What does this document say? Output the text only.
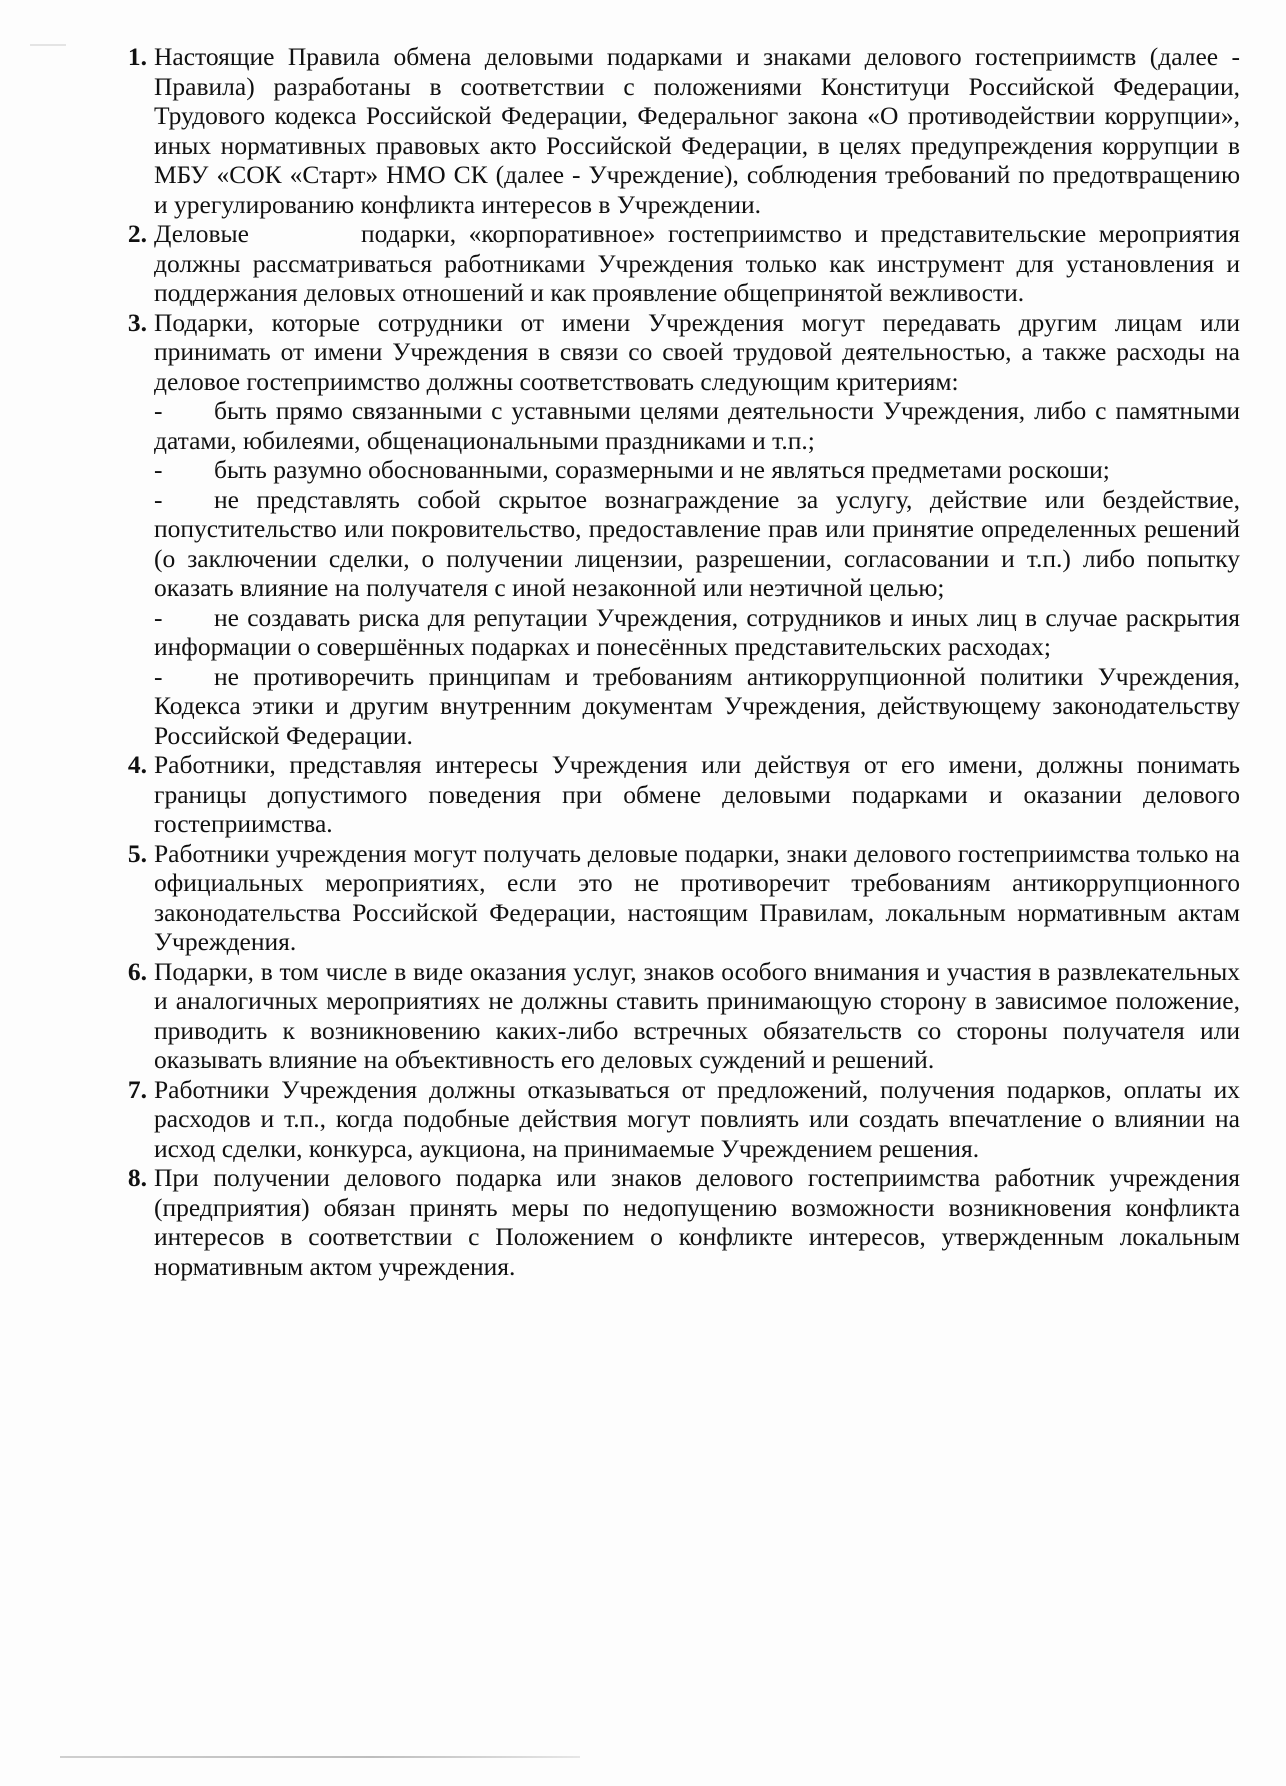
1. Настоящие Правила обмена деловыми подарками и знаками делового гостеприимств (далее - Правила) разработаны в соответствии с положениями Конституци Российской Федерации, Трудового кодекса Российской Федерации, Федеральног закона «О противодействии коррупции», иных нормативных правовых акто Российской Федерации, в целях предупреждения коррупции в МБУ «СОК «Старт» НМО СК (далее - Учреждение), соблюдения требований по предотвращению и урегулированию конфликта интересов в Учреждении.

2. Деловые	подарки, «корпоративное» гостеприимство и представительские мероприятия должны рассматриваться работниками Учреждения только как инструмент для установления и поддержания деловых отношений и как проявление общепринятой вежливости.

3. Подарки, которые сотрудники от имени Учреждения могут передавать другим лицам или принимать от имени Учреждения в связи со своей трудовой деятельностью, а также расходы на деловое гостеприимство должны соответствовать следующим критериям:

- быть прямо связанными с уставными целями деятельности Учреждения, либо с памятными датами, юбилеями, общенациональными праздниками и т.п.;

- быть разумно обоснованными, соразмерными и не являться предметами роскоши;

- не представлять собой скрытое вознаграждение за услугу, действие или бездействие, попустительство или покровительство, предоставление прав или принятие определенных решений (о заключении сделки, о получении лицензии, разрешении, согласовании и т.п.) либо попытку оказать влияние на получателя с иной незаконной или неэтичной целью;

- не создавать риска для репутации Учреждения, сотрудников и иных лиц в случае раскрытия информации о совершённых подарках и понесённых представительских расходах;

- не противоречить принципам и требованиям антикоррупционной политики Учреждения, Кодекса этики и другим внутренним документам Учреждения, действующему законодательству Российской Федерации.

4. Работники, представляя интересы Учреждения или действуя от его имени, должны понимать границы допустимого поведения при обмене деловыми подарками и оказании делового гостеприимства.

5. Работники учреждения могут получать деловые подарки, знаки делового гостеприимства только на официальных мероприятиях, если это не противоречит требованиям антикоррупционного законодательства Российской Федерации, настоящим Правилам, локальным нормативным актам Учреждения.

6. Подарки, в том числе в виде оказания услуг, знаков особого внимания и участия в развлекательных и аналогичных мероприятиях не должны ставить принимающую сторону в зависимое положение, приводить к возникновению каких-либо встречных обязательств со стороны получателя или оказывать влияние на объективность его деловых суждений и решений.

7. Работники Учреждения должны отказываться от предложений, получения подарков, оплаты их расходов и т.п., когда подобные действия могут повлиять или создать впечатление о влиянии на исход сделки, конкурса, аукциона, на принимаемые Учреждением решения.

8. При получении делового подарка или знаков делового гостеприимства работник учреждения (предприятия) обязан принять меры по недопущению возможности возникновения конфликта интересов в соответствии с Положением о конфликте интересов, утвержденным локальным нормативным актом учреждения.
